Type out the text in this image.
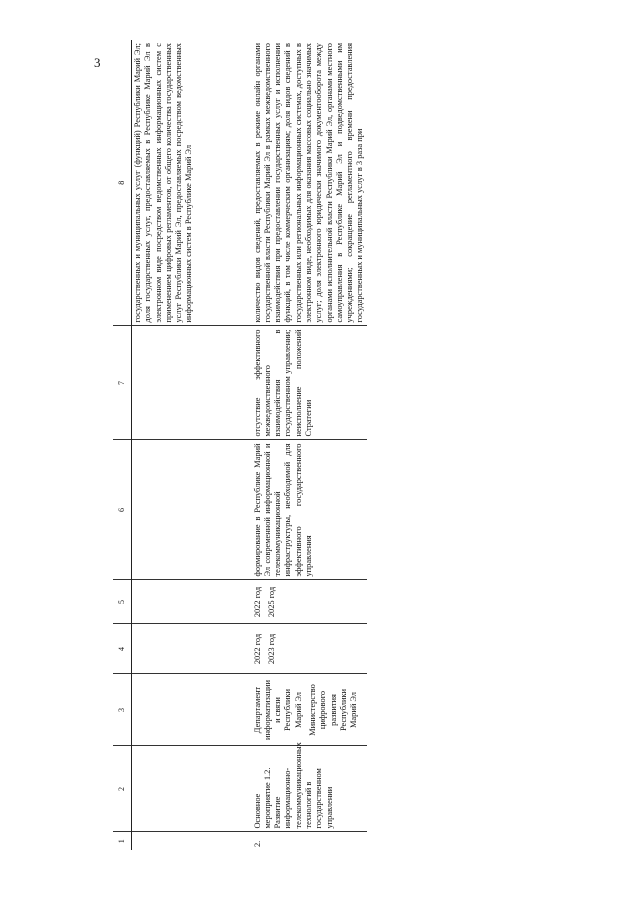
3
1	2	3	4	5	6	7	8
							государственных и муниципальных услуг (функций) Республики Марий Эл; доля государственных услуг, предоставляемых в Республике Марий Эл в электронном виде посредством ведомственных информационных систем с применением цифровых регламентов, от общего количества государственных услуг Республики Марий Эл, предоставляемых посредством ведомственных информационных систем в Республике Марий Эл
2.	Основное мероприятие 1.2. Развитие информационно-телекоммуникационных технологий в государственном управлении	Департамент информатизации и связи Республики Марий Эл Министерство цифрового развития Республики Марий Эл	2022 год 2023 год	2022 год 2025 год	формирование в Республике Марий Эл современной информационной и телекоммуникационной инфраструктуры, необходимой для эффективного государственного управления	отсутствие эффективного межведомственного взаимодействия в государственном управлении; неисполнение положений Стратегии	количество видов сведений, предоставляемых в режиме онлайн органами государственной власти Республики Марий Эл в рамках межведомственного взаимодействия при предоставлении государственных услуг и исполнении функций, в том числе коммерческим организациям; доля видов сведений в государственных или региональных информационных системах, доступных в электронном виде, необходимых для оказания массовых социально значимых услуг; доля электронного юридически значимого документооборота между органами исполнительной власти Республики Марий Эл, органами местного самоуправления в Республике Марий Эл и подведомственными им учреждениями; сокращение регламентного времени предоставления государственных и муниципальных услуг в 3 раза при
